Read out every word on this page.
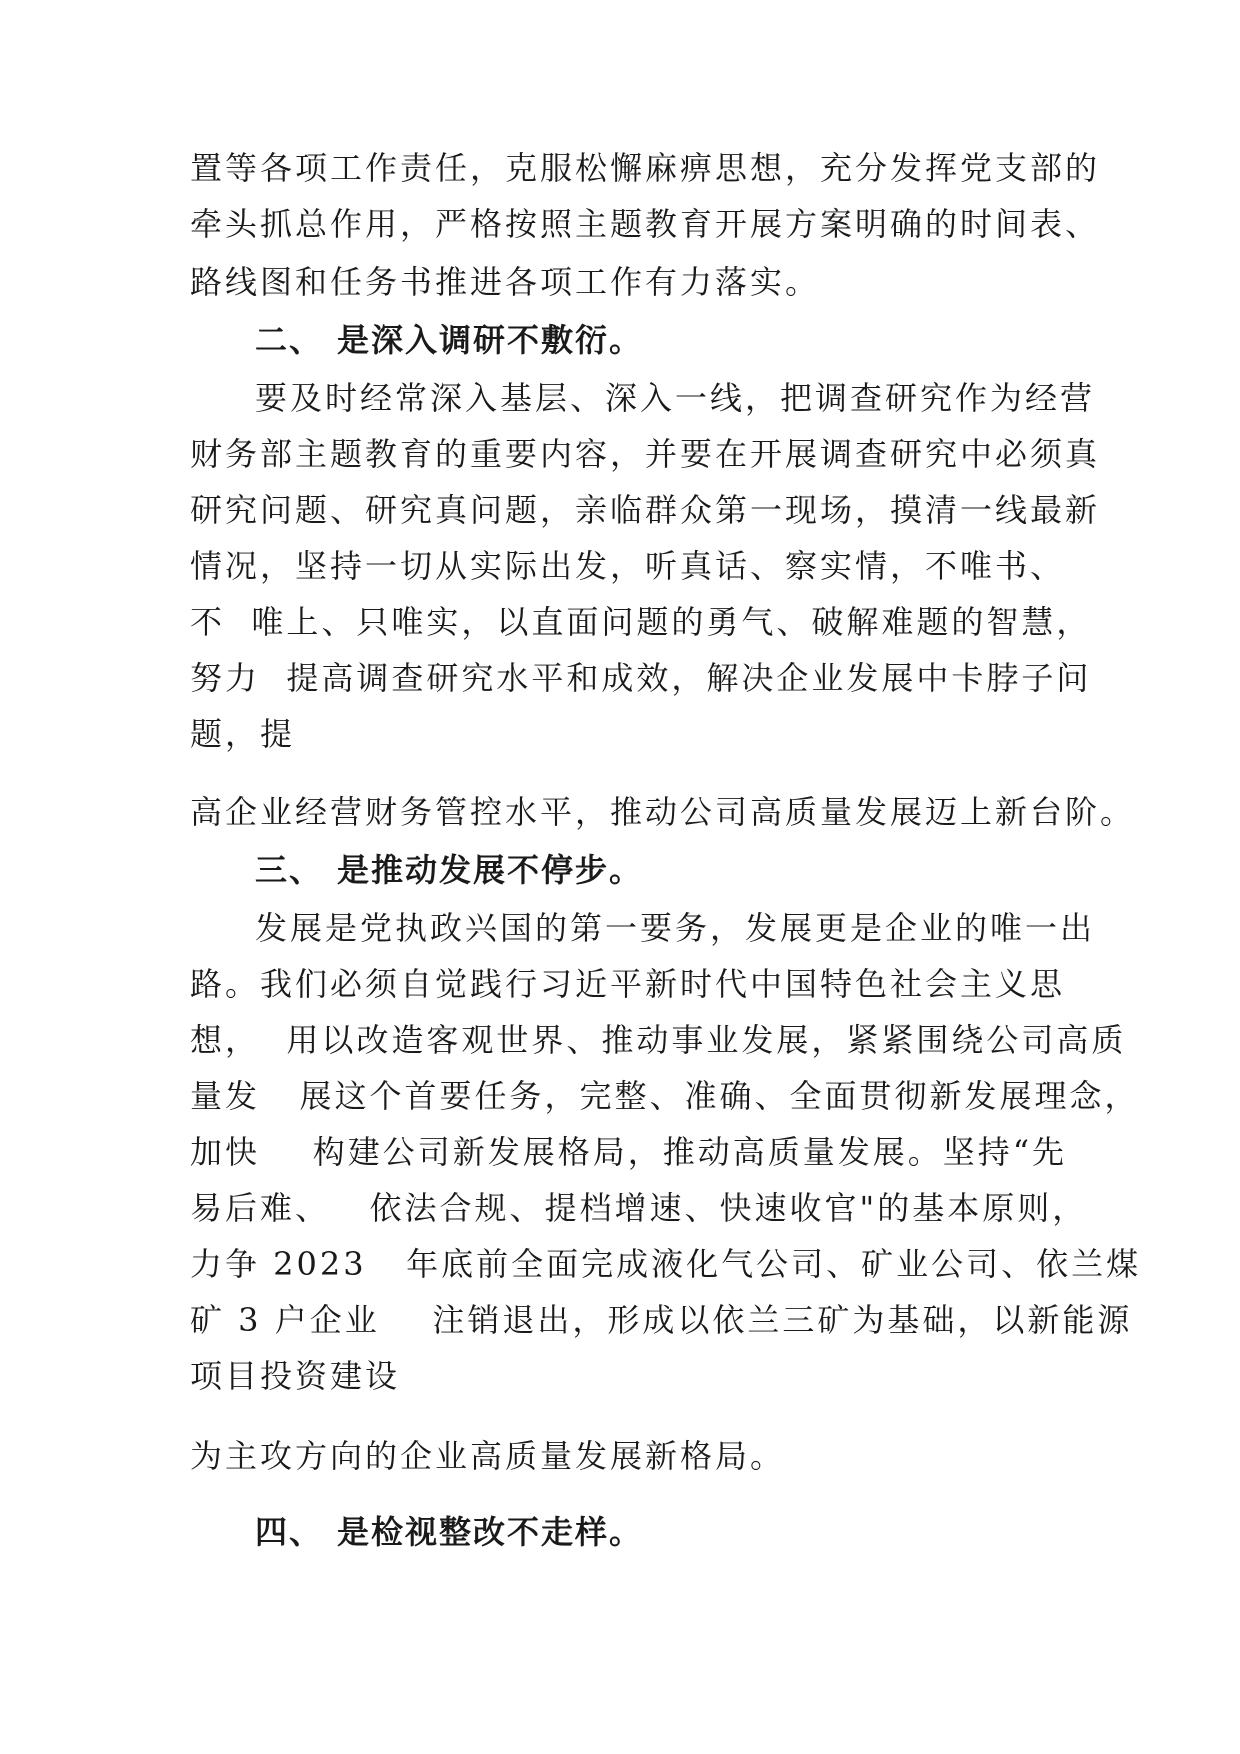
置等各项工作责任，克服松懈麻痹思想，充分发挥党支部的
牵头抓总作用，严格按照主题教育开展方案明确的时间表、
路线图和任务书推进各项工作有力落实。
二、 是深入调研不敷衍。
要及时经常深入基层、深入一线，把调查研究作为经营
财务部主题教育的重要内容，并要在开展调查研究中必须真
研究问题、研究真问题，亲临群众第一现场，摸清一线最新
情况，坚持一切从实际出发，听真话、察实情，不唯书、
不  唯上、只唯实，以直面问题的勇气、破解难题的智慧，
努力  提高调查研究水平和成效，解决企业发展中卡脖子问
题，提
高企业经营财务管控水平，推动公司高质量发展迈上新台阶。
三、 是推动发展不停步。
发展是党执政兴国的第一要务，发展更是企业的唯一出
路。我们必须自觉践行习近平新时代中国特色社会主义思
想，  用以改造客观世界、推动事业发展，紧紧围绕公司高质
量发   展这个首要任务，完整、准确、全面贯彻新发展理念，
加快    构建公司新发展格局，推动高质量发展。坚持“先
易后难、   依法合规、提档增速、快速收官"的基本原则，
力争 2023   年底前全面完成液化气公司、矿业公司、依兰煤
矿 3 户企业    注销退出，形成以依兰三矿为基础，以新能源
项目投资建设
为主攻方向的企业高质量发展新格局。
四、 是检视整改不走样。
